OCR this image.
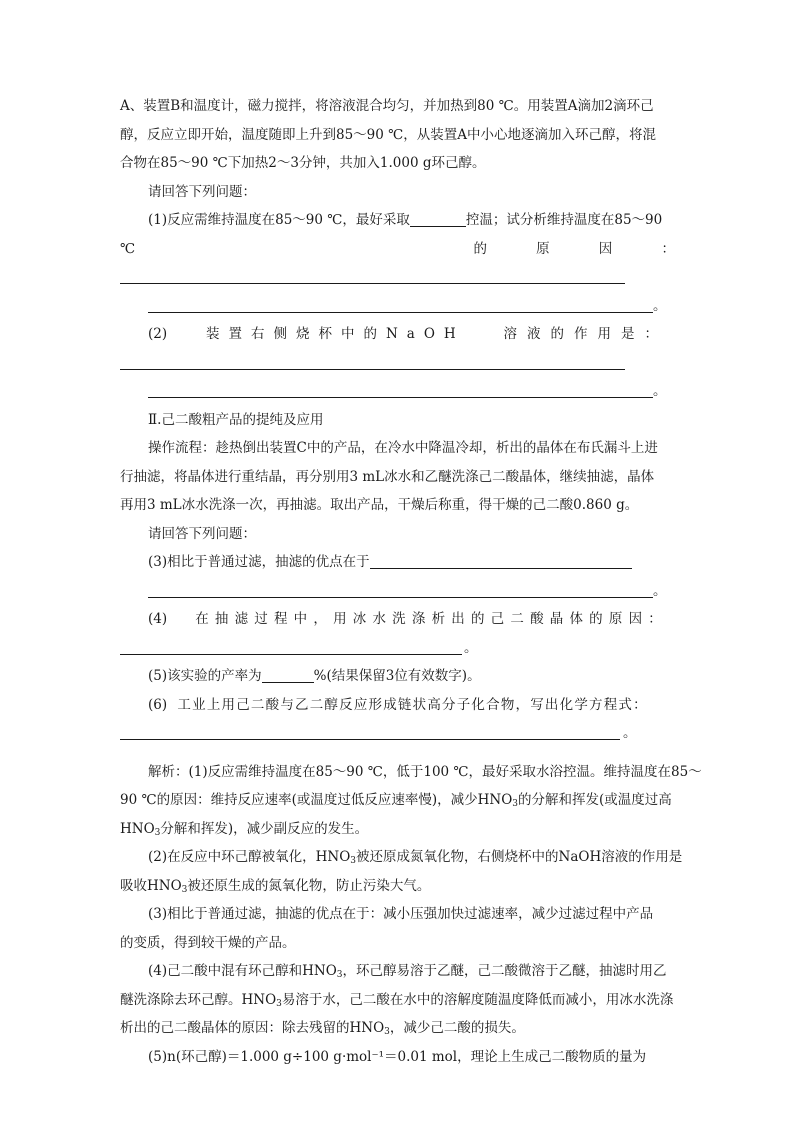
A、装置B和温度计，磁力搅拌，将溶液混合均匀，并加热到80 ℃。用装置A滴加2滴环己
醇，反应立即开始，温度随即上升到85～90 ℃，从装置A中小心地逐滴加入环己醇，将混
合物在85～90 ℃下加热2～3分钟，共加入1.000 g环己醇。
请回答下列问题：
(1)反应需维持温度在85～90 ℃，最好采取	控温；试分析维持温度在85～90
℃	的	原	因	：
。
(2)	装置右侧烧杯中的NaOH	溶液的作用是：
。
Ⅱ.己二酸粗产品的提纯及应用
操作流程：趁热倒出装置C中的产品，在冷水中降温冷却，析出的晶体在布氏漏斗上进
行抽滤，将晶体进行重结晶，再分别用3 mL冰水和乙醚洗涤己二酸晶体，继续抽滤，晶体
再用3 mL冰水洗涤一次，再抽滤。取出产品，干燥后称重，得干燥的己二酸0.860 g。
请回答下列问题：
(3)相比于普通过滤，抽滤的优点在于
。
(4) 在抽滤过程中，用冰水洗涤析出的己二酸晶体的原因：
。
(5)该实验的产率为	%(结果保留3位有效数字)。
(6) 工业上用己二酸与乙二醇反应形成链状高分子化合物，写出化学方程式：
。
解析：(1)反应需维持温度在85～90 ℃，低于100 ℃，最好采取水浴控温。维持温度在85～
90 ℃的原因：维持反应速率(或温度过低反应速率慢)，减少$HNO_3$的分解和挥发(或温度过高
$HNO_3$分解和挥发)，减少副反应的发生。
(2)在反应中环己醇被氧化，$HNO_3$被还原成氮氧化物，右侧烧杯中的NaOH溶液的作用是
吸收$HNO_3$被还原生成的氮氧化物，防止污染大气。
(3)相比于普通过滤，抽滤的优点在于：减小压强加快过滤速率，减少过滤过程中产品
的变质，得到较干燥的产品。
(4)己二酸中混有环己醇和$HNO_3$，环己醇易溶于乙醚，己二酸微溶于乙醚，抽滤时用乙
醚洗涤除去环己醇。$HNO_3$易溶于水，己二酸在水中的溶解度随温度降低而减小，用冰水洗涤
析出的己二酸晶体的原因：除去残留的$HNO_3$，减少己二酸的损失。
(5)n(环己醇)＝1.000 g÷100 g·mol⁻¹＝0.01 mol，理论上生成己二酸物质的量为
